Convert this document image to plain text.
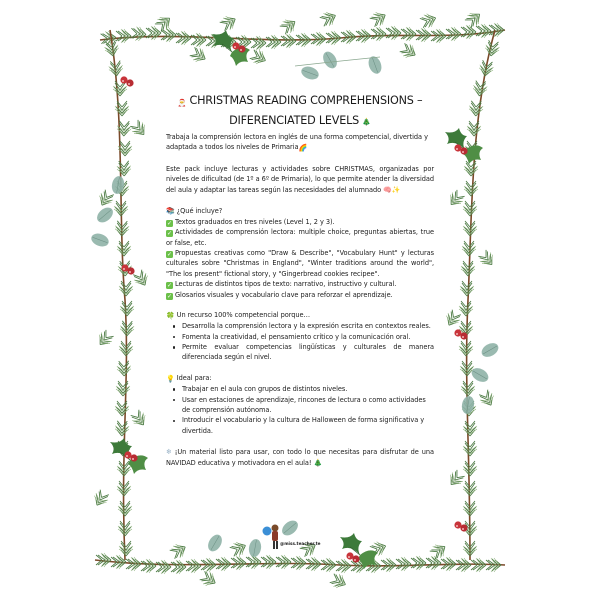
🎅 CHRISTMAS READING COMPREHENSIONS –
DIFERENCIATED LEVELS 🎄

Trabaja la comprensión lectora en inglés de una forma competencial, divertida y adaptada a todos los niveles de Primaria🌈

Este pack incluye lecturas y actividades sobre CHRISTMAS, organizadas por niveles de dificultad (de 1º a 6º de Primaria), lo que permite atender la diversidad del aula y adaptar las tareas según las necesidades del alumnado 🧠✨

📚 ¿Qué incluye?

✓ Textos graduados en tres niveles (Level 1, 2 y 3).

✓ Actividades de comprensión lectora: multiple choice, preguntas abiertas, true or false, etc.

✓ Propuestas creativas como "Draw & Describe", "Vocabulary Hunt" y lecturas culturales sobre "Christmas in England", "Winter traditions around the world", "The los present" fictional story, y "Gingerbread cookies recipee".

✓ Lecturas de distintos tipos de texto: narrativo, instructivo y cultural.

✓ Glosarios visuales y vocabulario clave para reforzar el aprendizaje.

🍀 Un recurso 100% competencial porque…

Desarrolla la comprensión lectora y la expresión escrita en contextos reales.
Fomenta la creatividad, el pensamiento crítico y la comunicación oral.
Permite evaluar competencias lingüísticas y culturales de manera diferenciada según el nivel.

💡 Ideal para:

Trabajar en el aula con grupos de distintos niveles.
Usar en estaciones de aprendizaje, rincones de lectura o como actividades de comprensión autónoma.
Introducir el vocabulario y la cultura de Halloween de forma significativa y divertida.

❄ ¡Un material listo para usar, con todo lo que necesitas para disfrutar de una NAVIDAD educativa y motivadora en el aula! 🎄

@miss.teacher.te
